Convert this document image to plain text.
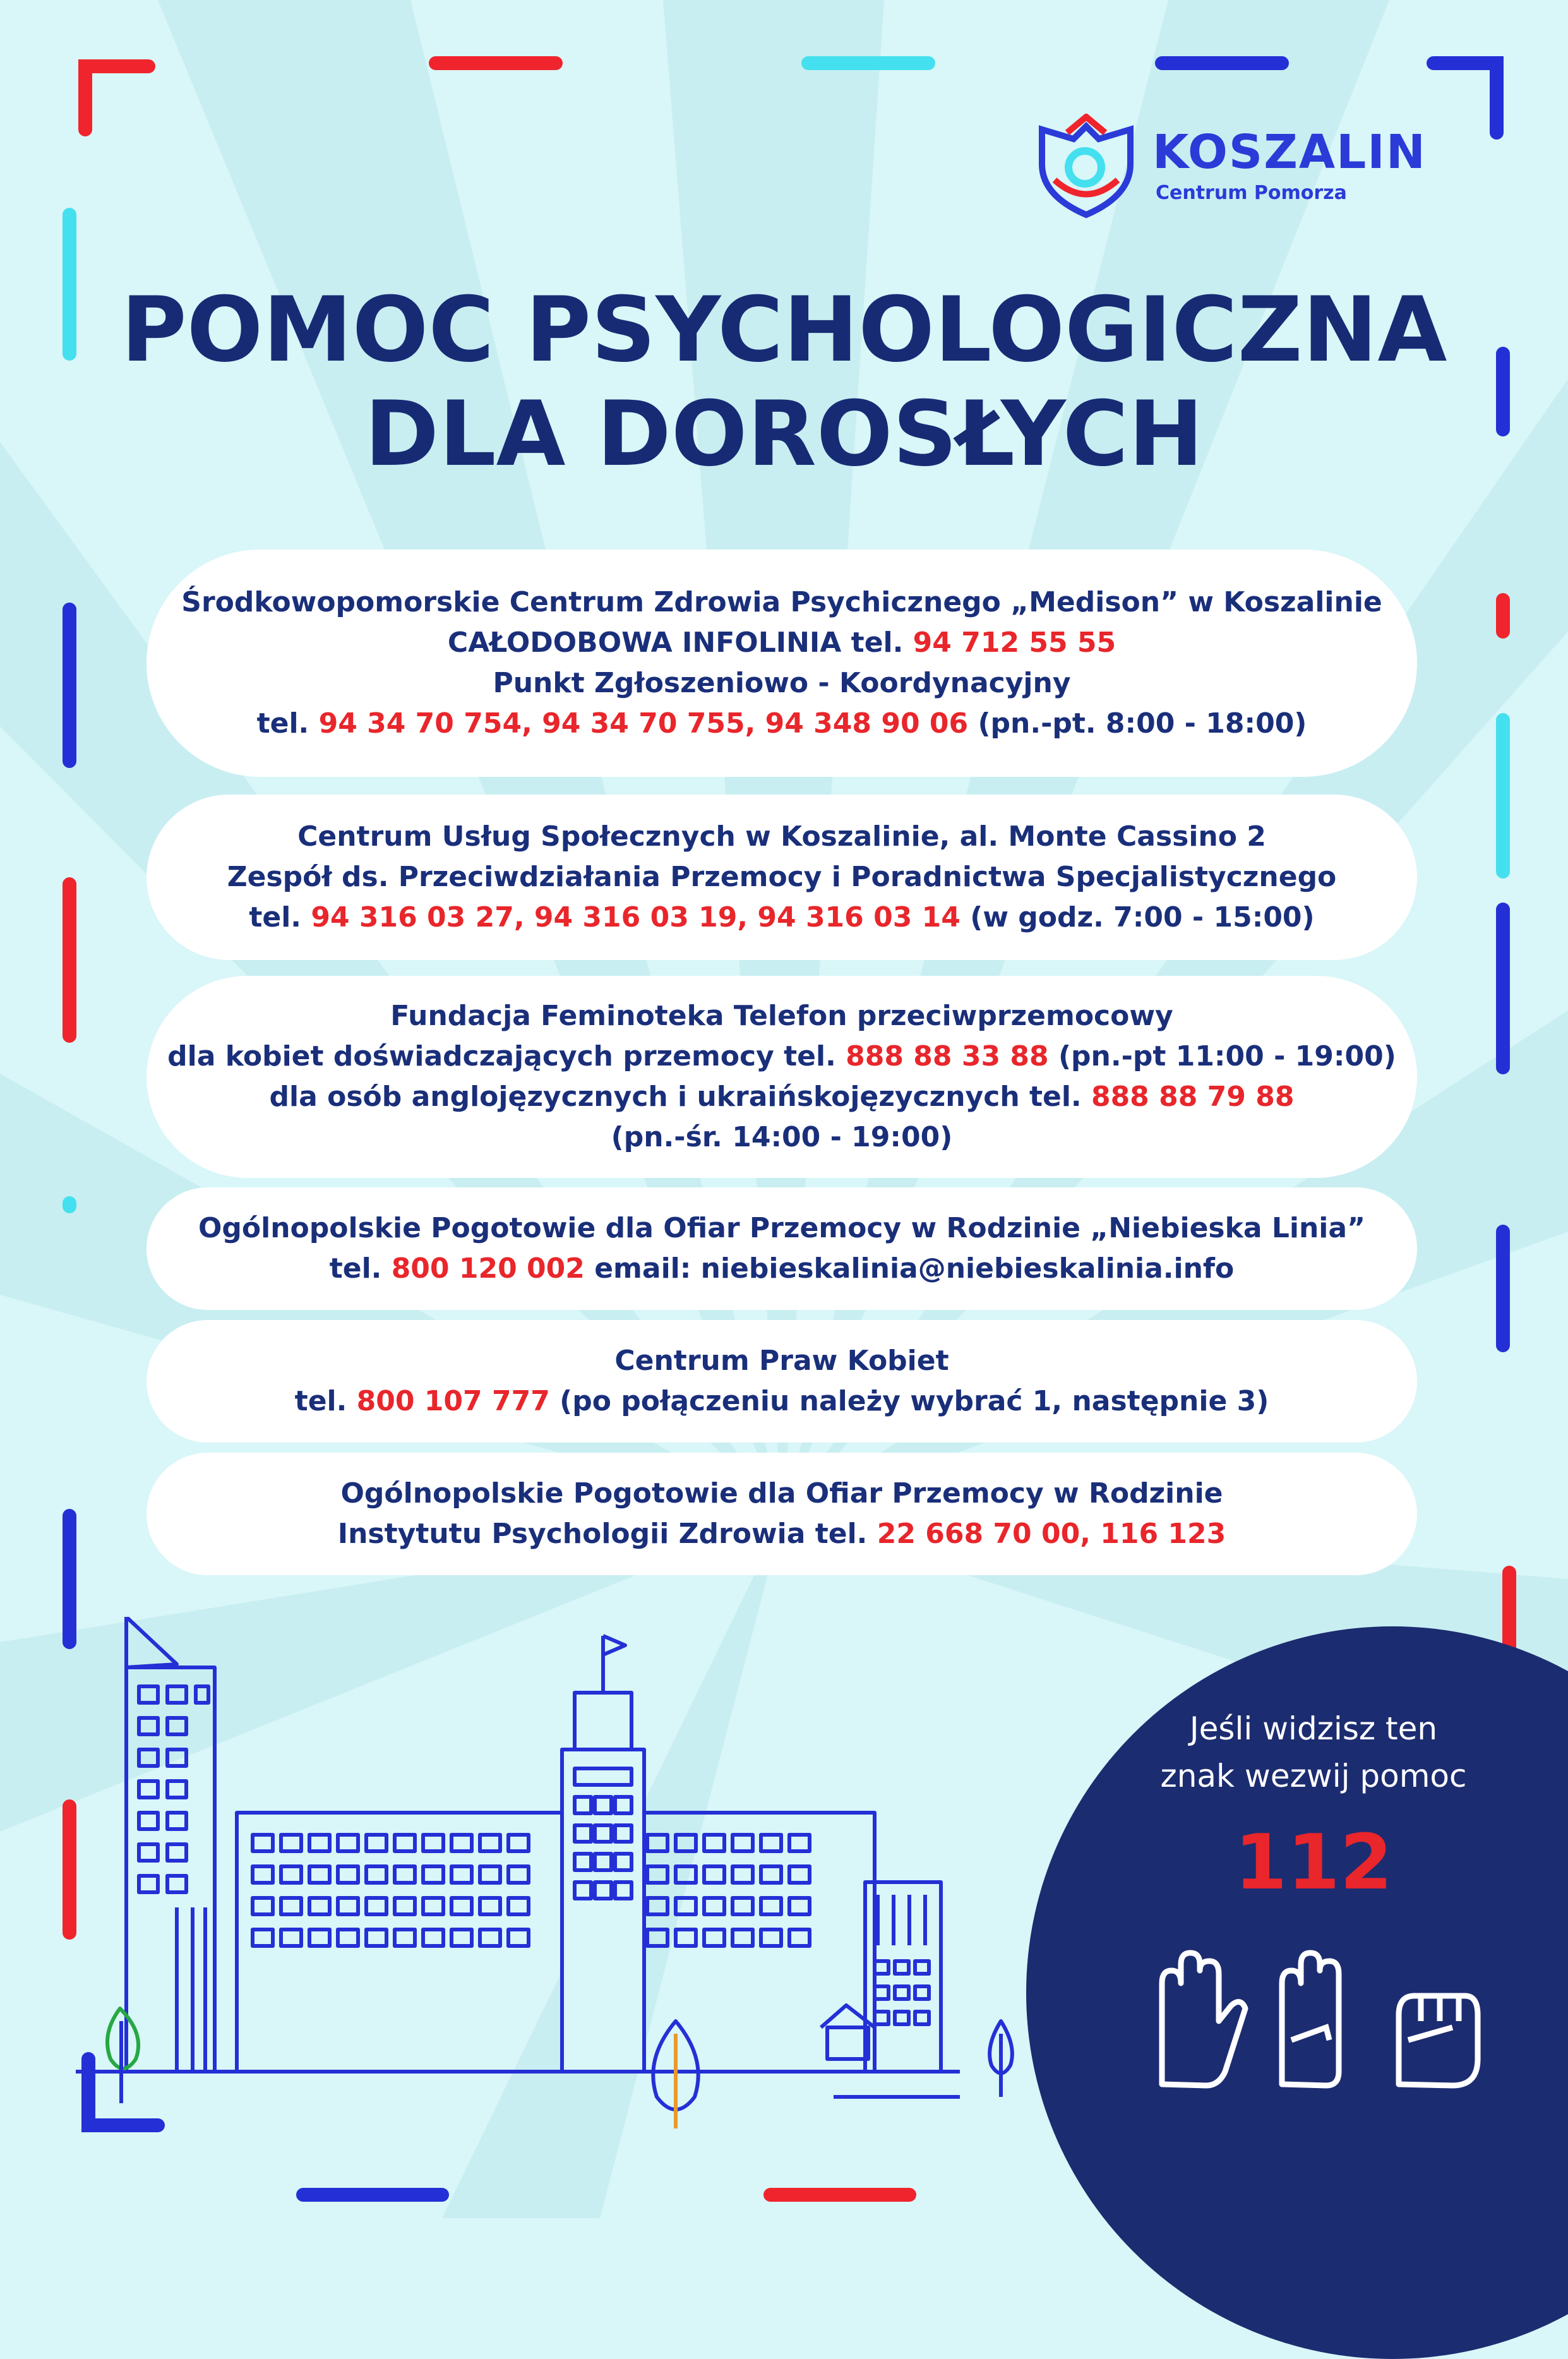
KOSZALIN
Centrum Pomorza
POMOC PSYCHOLOGICZNA
DLA DOROSŁYCH
Środkowopomorskie Centrum Zdrowia Psychicznego „Medison” w Koszalinie
CAŁODOBOWA INFOLINIA tel. 94 712 55 55
Punkt Zgłoszeniowo - Koordynacyjny
tel. 94 34 70 754, 94 34 70 755, 94 348 90 06 (pn.-pt. 8:00 - 18:00)
Centrum Usług Społecznych w Koszalinie, al. Monte Cassino 2
Zespół ds. Przeciwdziałania Przemocy i Poradnictwa Specjalistycznego
tel. 94 316 03 27, 94 316 03 19, 94 316 03 14 (w godz. 7:00 - 15:00)
Fundacja Feminoteka Telefon przeciwprzemocowy
dla kobiet doświadczających przemocy tel. 888 88 33 88 (pn.-pt 11:00 - 19:00)
dla osób anglojęzycznych i ukraińskojęzycznych tel. 888 88 79 88
(pn.-śr. 14:00 - 19:00)
Ogólnopolskie Pogotowie dla Ofiar Przemocy w Rodzinie „Niebieska Linia”
tel. 800 120 002 email: niebieskalinia@niebieskalinia.info
Centrum Praw Kobiet
tel. 800 107 777 (po połączeniu należy wybrać 1, następnie 3)
Ogólnopolskie Pogotowie dla Ofiar Przemocy w Rodzinie
Instytutu Psychologii Zdrowia tel. 22 668 70 00, 116 123
Jeśli widzisz ten
znak wezwij pomoc
112
